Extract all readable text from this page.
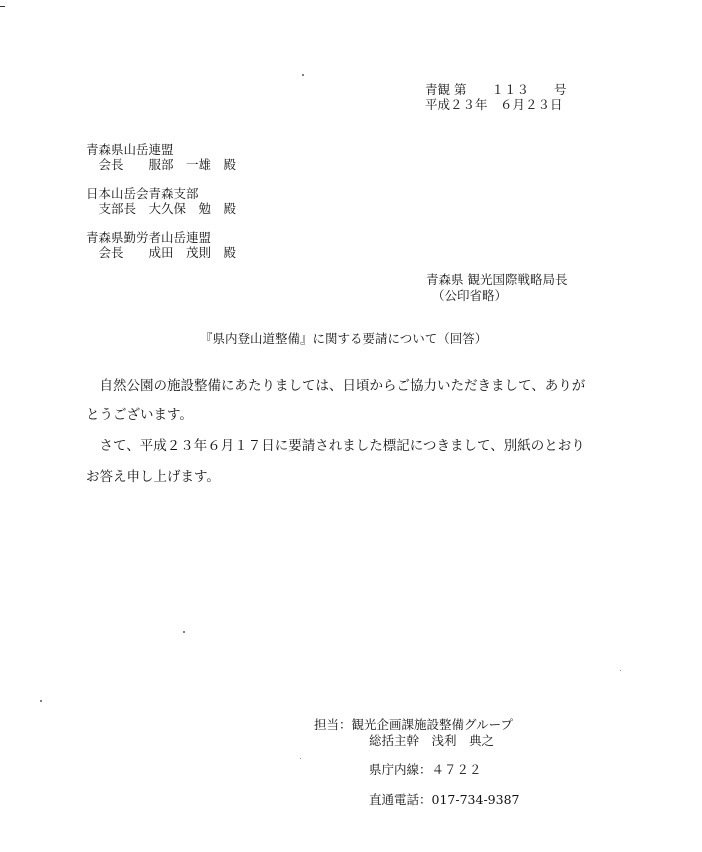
青観 第　　１１３　　号
平成２３年　６月２３日
青森県山岳連盟
　会長　　服部　一雄　殿
日本山岳会青森支部
　支部長　大久保　勉　殿
青森県勤労者山岳連盟
　会長　　成田　茂則　殿
青森県 観光国際戦略局長
（公印省略）
『県内登山道整備』に関する要請について（回答）
　自然公園の施設整備にあたりましては、日頃からご協力いただきまして、ありが
とうございます。
　さて、平成２３年６月１７日に要請されました標記につきまして、別紙のとおり
お答え申し上げます。
担当：観光企画課施設整備グループ
総括主幹　浅利　典之
県庁内線：４７２２
直通電話：017-734-9387
